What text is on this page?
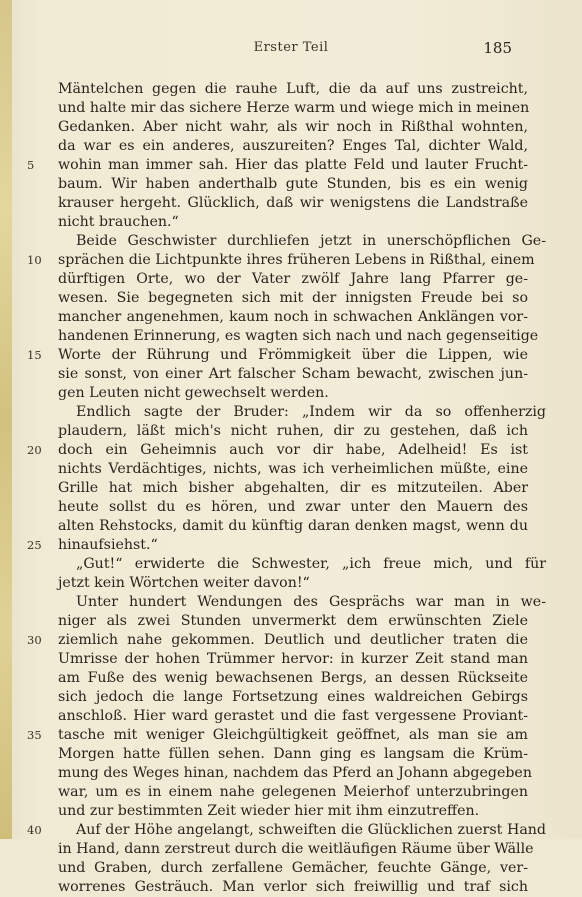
Erster Teil	185
Mäntelchen gegen die rauhe Luft, die da auf uns zustreicht,
und halte mir das sichere Herze warm und wiege mich in meinen
Gedanken. Aber nicht wahr, als wir noch in Rißthal wohnten,
da war es ein anderes, auszureiten? Enges Tal, dichter Wald,
5	wohin man immer sah. Hier das platte Feld und lauter Frucht-
baum. Wir haben anderthalb gute Stunden, bis es ein wenig
krauser hergeht. Glücklich, daß wir wenigstens die Landstraße
nicht brauchen.“
Beide Geschwister durchliefen jetzt in unerschöpflichen Ge-
10	sprächen die Lichtpunkte ihres früheren Lebens in Rißthal, einem
dürftigen Orte, wo der Vater zwölf Jahre lang Pfarrer ge-
wesen. Sie begegneten sich mit der innigsten Freude bei so
mancher angenehmen, kaum noch in schwachen Anklängen vor-
handenen Erinnerung, es wagten sich nach und nach gegenseitige
15	Worte der Rührung und Frömmigkeit über die Lippen, wie
sie sonst, von einer Art falscher Scham bewacht, zwischen jun-
gen Leuten nicht gewechselt werden.
Endlich sagte der Bruder: „Indem wir da so offenherzig
plaudern, läßt mich's nicht ruhen, dir zu gestehen, daß ich
20	doch ein Geheimnis auch vor dir habe, Adelheid! Es ist
nichts Verdächtiges, nichts, was ich verheimlichen müßte, eine
Grille hat mich bisher abgehalten, dir es mitzuteilen. Aber
heute sollst du es hören, und zwar unter den Mauern des
alten Rehstocks, damit du künftig daran denken magst, wenn du
25	hinaufsiehst.“
„Gut!“ erwiderte die Schwester, „ich freue mich, und für
jetzt kein Wörtchen weiter davon!“
Unter hundert Wendungen des Gesprächs war man in we-
niger als zwei Stunden unvermerkt dem erwünschten Ziele
30	ziemlich nahe gekommen. Deutlich und deutlicher traten die
Umrisse der hohen Trümmer hervor: in kurzer Zeit stand man
am Fuße des wenig bewachsenen Bergs, an dessen Rückseite
sich jedoch die lange Fortsetzung eines waldreichen Gebirgs
anschloß. Hier ward gerastet und die fast vergessene Proviant-
35	tasche mit weniger Gleichgültigkeit geöffnet, als man sie am
Morgen hatte füllen sehen. Dann ging es langsam die Krüm-
mung des Weges hinan, nachdem das Pferd an Johann abgegeben
war, um es in einem nahe gelegenen Meierhof unterzubringen
und zur bestimmten Zeit wieder hier mit ihm einzutreffen.
40	Auf der Höhe angelangt, schweiften die Glücklichen zuerst Hand
in Hand, dann zerstreut durch die weitläufigen Räume über Wälle
und Graben, durch zerfallene Gemächer, feuchte Gänge, ver-
worrenes Gesträuch. Man verlor sich freiwillig und traf sich
